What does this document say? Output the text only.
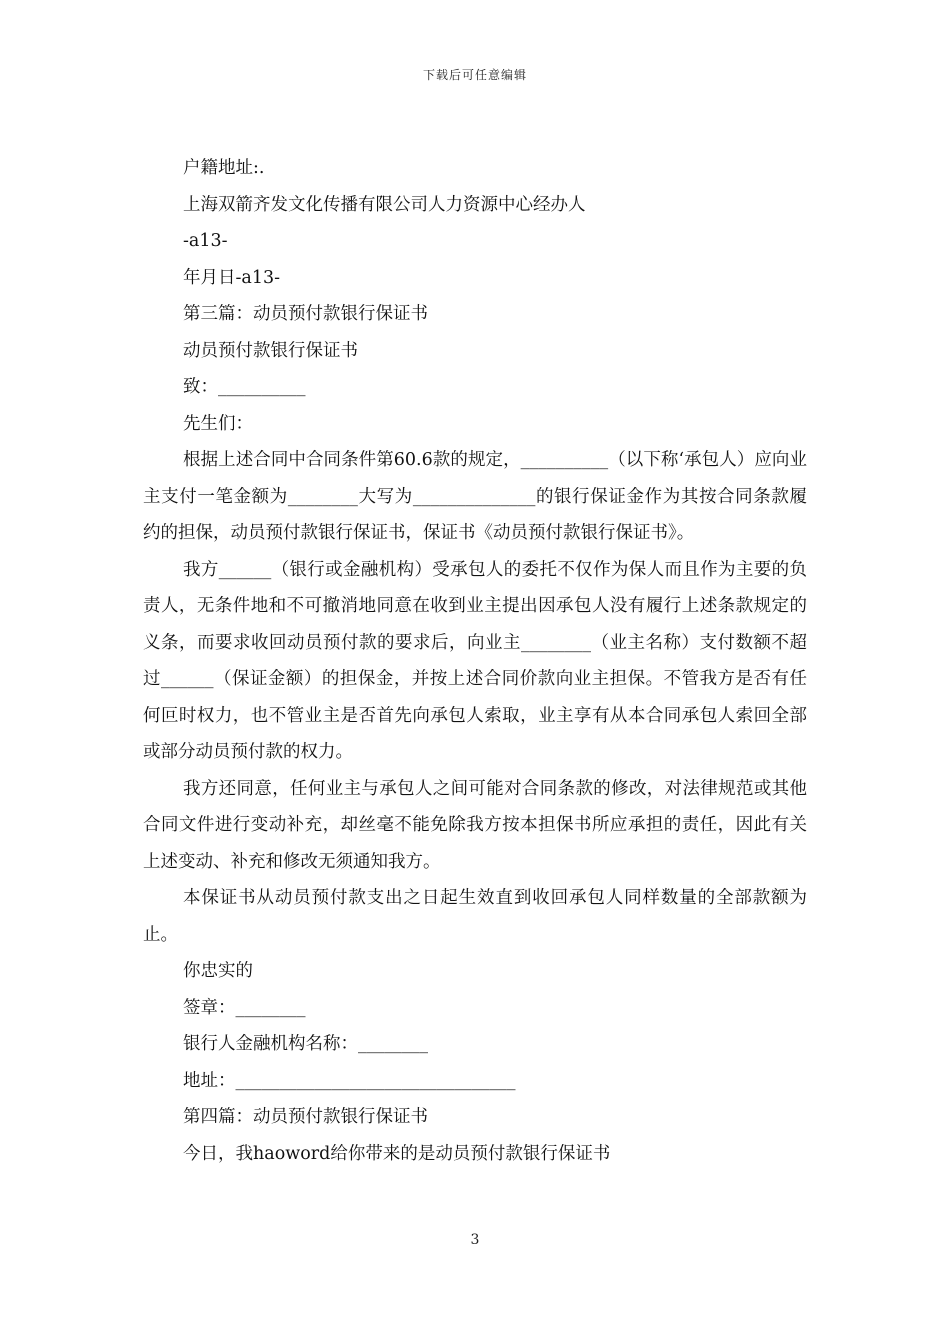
下载后可任意编辑

户籍地址:.

上海双箭齐发文化传播有限公司人力资源中心经办人

-a13-

年月日-a13-

第三篇：动员预付款银行保证书

动员预付款银行保证书

致：__________

先生们：

根据上述合同中合同条件第60.6款的规定，__________（以下称‘承包人）应向业主支付一笔金额为________大写为______________的银行保证金作为其按合同条款履约的担保，动员预付款银行保证书，保证书《动员预付款银行保证书》。

我方______（银行或金融机构）受承包人的委托不仅作为保人而且作为主要的负责人，无条件地和不可撤消地同意在收到业主提出因承包人没有履行上述条款规定的义条，而要求收回动员预付款的要求后，向业主________（业主名称）支付数额不超过______（保证金额）的担保金，并按上述合同价款向业主担保。不管我方是否有任何叵时权力，也不管业主是否首先向承包人索取，业主享有从本合同承包人索回全部或部分动员预付款的权力。

我方还同意，任何业主与承包人之间可能对合同条款的修改，对法律规范或其他合同文件进行变动补充，却丝毫不能免除我方按本担保书所应承担的责任，因此有关上述变动、补充和修改无须通知我方。

本保证书从动员预付款支出之日起生效直到收回承包人同样数量的全部款额为止。

你忠实的

签章：________

银行人金融机构名称：________

地址：________________________________

第四篇：动员预付款银行保证书

今日，我haoword给你带来的是动员预付款银行保证书

3
